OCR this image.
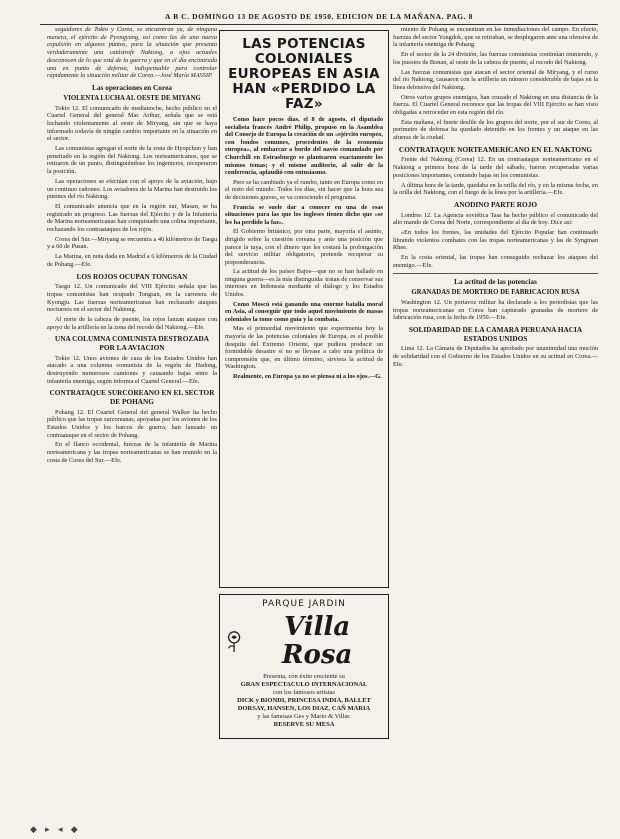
A B C. DOMINGO 13 DE AGOSTO DE 1950. EDICION DE LA MAÑANA. PAG. 8

seguidores de Tokio y Corea, se encuentran ya, de ninguna manera, el ejército de Pyongyang, así como las de una nueva expulsión en algunos puntos, para la situación que presenta verdaderamente una catástrofe Naktong, a ojos actuales desconocen de lo que está de la guerra y que en el día encontrada una en punto de defensa, indispensable para controlar rápidamente la situación militar de Corea.—José María MASSIP.

Las operaciones en Corea
VIOLENTA LUCHA AL OESTE DE MIYANG

Tokio 12. El comunicado de medianoche, hecho público en el Cuartel General del general Mac Arthur, señala que se está luchando violentamente al oeste de Miryang, sin que se haya informado todavía de ningún cambio importante en la situación en el sector.

Las comunistas agregan el norte de la zona de Hyopchon y han penetrado en la región del Naktong. Los norteamericanos, que se retiraron de un punto, distinguiéndose los ingenieros, recuperaron la posición.

Las operaciones se efectúan con el apoyo de la aviación, bajo un continuo cañoneo. Los aviadores de la Marina han destruido los puentes del río Naktong.

El comunicado anuncia que en la región sur, Masan, se ha registrado un progreso. Las fuerzas del Ejército y de la Infantería de Marina norteamericanas han conquistado una colina importante, rechazando los contraataques de los rojos.

Corea del Sur.—Miryang se encuentra a 40 kilómetros de Taegu y a 60 de Pusan.

La Marina, en nota dada en Madrid a 6 kilómetros de la Ciudad de Pohang.—Efe.

LOS ROJOS OCUPAN TONGSAN

Taegu 12. Un comunicado del VIII Ejército señala que las tropas comunistas han ocupado Tongsan, en la carretera de Kyongju. Las fuerzas norteamericanas han rechazado ataques nocturnos en el sector del Naktong.

Al norte de la cabeza de puente, los rojos lanzan ataques con apoyo de la artillería en la zona del recodo del Naktong.—Efe.

UNA COLUMNA COMUNISTA DESTROZADA POR LA AVIACION

Tokio 12. Unos aviones de caza de los Estados Unidos han atacado a una columna comunista de la región de Hadong, destruyendo numerosos camiones y causando bajas entre la infantería enemiga, según informa el Cuartel General.—Efe.

CONTRATAQUE SURCOREANO EN EL SECTOR DE POHANG

Pohang 12. El Cuartel General del general Walker ha hecho público que las tropas surcoreanas, apoyadas por los aviones de los Estados Unidos y los barcos de guerra, han lanzado un contraataque en el sector de Pohang.

En el flanco occidental, fuerzas de la infantería de Marina norteamericana y las tropas norteamericanas se han reunido en la costa de Corea del Sur.—Efe.

LAS POTENCIAS COLONIALES EUROPEAS EN ASIA HAN «PERDIDO LA FAZ»

Como hace pocos días, el 8 de agosto, el diputado socialista francés André Philip, propuso en la Asamblea del Consejo de Europa la creación de un «ejército europeo, con fondos comunes, procedentes de la economía europea», al embarcar a bordo del navío comandado por Churchill en Estrasburgo se plantearon exactamente los mismos temas; y el mismo auditorio, al salir de la conferencia, aplaudió con entusiasmo.

Pero se ha cambiado ya el rumbo, tanto en Europa como en el resto del mundo. Todos los días, sin hacer que la hora sea de decisiones graves, se va conociendo el programa.

Francia se suele dar a conocer en una de esas situaciones para las que los ingleses tienen dicho que «se les ha perdido la faz».

El Gobierno británico, por otra parte, mayoría el asunto, dirigido sobre la cuestión coreana y ante una posición que parece la tuya, con el dinero que les costará la prolongación del servicio militar obligatorio, pretende recuperar su preponderancia.

La actitud de los países Bajos—que no se han hallado en ninguna guerra—es la más distinguida: tratan de conservar sus intereses en Indonesia mediante el diálogo y los Estados Unidos.

Como Moscú está ganando una enorme batalla moral en Asia, al conseguir que todo aquel movimiento de masas coloniales la tome como guía y la combata.

Mas el primordial movimiento que experimenta hoy la mayoría de las potencias coloniales de Europa, es el posible desquite del Extremo Oriente, que pudiera producir un formidable desastre si no se llevase a cabo una política de comprensión que, en último término, sirviera la actitud de Washington.

Realmente, en Europa ya no se piensa ni a los ojos.—G.

PARQUE JARDIN
Villa Rosa
Presenta, con éxito creciente su
GRAN ESPECTACULO INTERNACIONAL
con los famosos artistas
DICK y BIONDI, PRINCESA INDIA, BALLET DORSAY, HANSEN, LOS DIAZ, CAÑ MARIA
y las famosas Ges y Mario & Villar.
RESERVE SU MESA

miento de Pohang se encuentran en las inmediaciones del campo. En efecto, fuerzas del sector Yongdok, que se retiraban, se desplegaron ante una ofensiva de la infantería enemiga de Pohang.

En el sector de la 24 división, las fuerzas comunistas continúan reuniendo, y los puestos de Bonan, al oeste de la cabeza de puente, al recodo del Naktong.

Las fuerzas comunistas que atacan el sector oriental de Miryang, y el curso del río Naktong, causaron con la artillería un número considerable de bajas en la línea defensiva del Naktong.

Otros varios grupos enemigos, han cruzado el Naktong en una distancia de la fuerza. El Cuartel General reconoce que las tropas del VIII Ejército se han visto obligadas a retroceder en esta región del río.

Esta mañana, el fuerte desfile de los grupos del norte, por el sur de Corea, al perímetro de defensa ha quedado detenido en los frentes y un ataque en las afueras de la ciudad.

CONTRATAQUE NORTEAMERICANO EN EL NAKTONG

Frente del Naktong (Corea) 12. En un contraataque norteamericano en el Naktong a primera hora de la tarde del sábado, fueron recuperadas varias posiciones importantes, contando bajas en los comunistas.

A última hora de la tarde, quedaba en la orilla del río, y en la misma fecha, en la orilla del Naktong, con el fuego de la línea por la artillería.—Efe.

ANODINO PARTE ROJO

Londres 12. La Agencia soviética Tass ha hecho público el comunicado del alto mando de Corea del Norte, correspondiente al día de hoy. Dice así:

«En todos los frentes, las unidades del Ejército Popular han continuado librando violentos combates con las tropas norteamericanas y las de Syngman Rhee.

En la costa oriental, las tropas han conseguido rechazar los ataques del enemigo.—Efe.

La actitud de las potencias
GRANADAS DE MORTERO DE FABRICACION RUSA

Washington 12. Un portavoz militar ha declarado a los periodistas que las tropas norteamericanas en Corea han capturado granadas de mortero de fabricación rusa, con la fecha de 1950.—Efe.

SOLIDARIDAD DE LA CAMARA PERUANA HACIA ESTADOS UNIDOS

Lima 12. La Cámara de Diputados ha aprobado por unanimidad una moción de solidaridad con el Gobierno de los Estados Unidos en su actitud en Corea.—Efe.

◆ ▸ ◂ ◆
